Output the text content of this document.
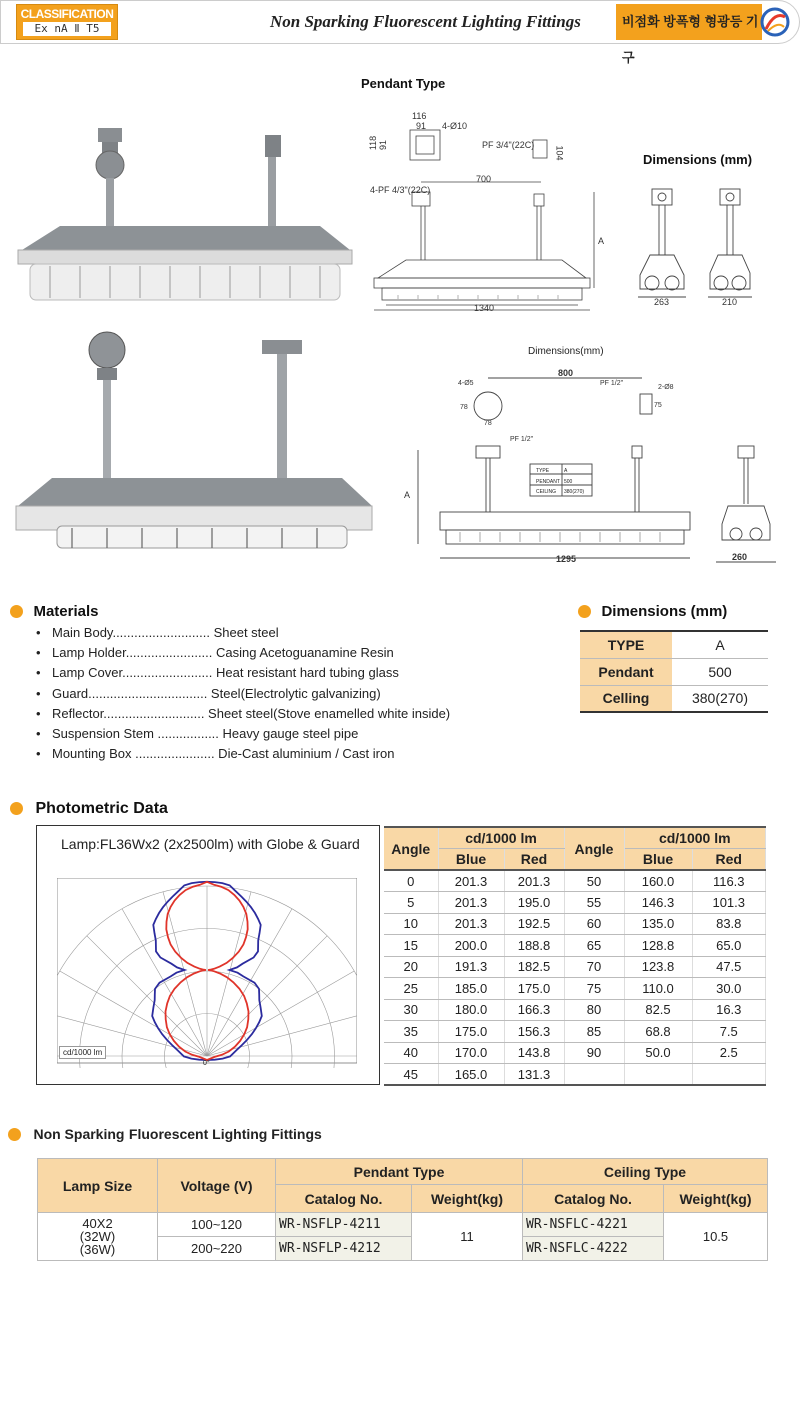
CLASSIFICATION
Ex nA Ⅱ T5	Non Sparking Fluorescent Lighting Fittings	비점화 방폭형 형광등 기구
Pendant Type
Dimensions (mm)
116
91 4-Ø10
118 91	PF 3/4"(22C)
104
4-PF 4/3"(22C)
700
A
1340
263	210
Dimensions(mm)
800
4-Ø5	PF 1/2"
2-Ø8
78
78
75
PF 1/2"
A
1295	260
TYPE	A
PENDANT 500
CEILING	380(270)
Materials
• Main Body........................... Sheet steel
• Lamp Holder........................ Casing Acetoguanamine Resin
• Lamp Cover......................... Heat resistant hard tubing glass
• Guard................................. Steel(Electrolytic galvanizing)
• Reflector............................ Sheet steel(Stove enamelled white inside)
• Suspension Stem ................. Heavy gauge steel pipe
• Mounting Box ...................... Die-Cast aluminium / Cast iron
Dimensions (mm)
TYPE	A
Pendant	500
Celling	380(270)
Photometric Data
Lamp:FL36Wx2 (2x2500lm) with Globe & Guard
cd/1000 lm
0°
Angle	cd/1000 lm		Angle	cd/1000 lm	
	Blue	Red		Blue	Red
0	201.3	201.3	50	160.0	116.3
5	201.3	195.0	55	146.3	101.3
10	201.3	192.5	60	135.0	83.8
15	200.0	188.8	65	128.8	65.0
20	191.3	182.5	70	123.8	47.5
25	185.0	175.0	75	110.0	30.0
30	180.0	166.3	80	82.5	16.3
35	175.0	156.3	85	68.8	7.5
40	170.0	143.8	90	50.0	2.5
45	165.0	131.3			
Non Sparking Fluorescent Lighting Fittings
Lamp Size	Voltage (V)	Pendant Type		Ceiling Type	
		Catalog No.	Weight(kg)	Catalog No.	Weight(kg)

40X2
(32W)
(36W)	100~120	WR-NSFLP-4211	11	WR-NSFLC-4221	10.5
	200~220	WR-NSFLP-4212		WR-NSFLC-4222	
